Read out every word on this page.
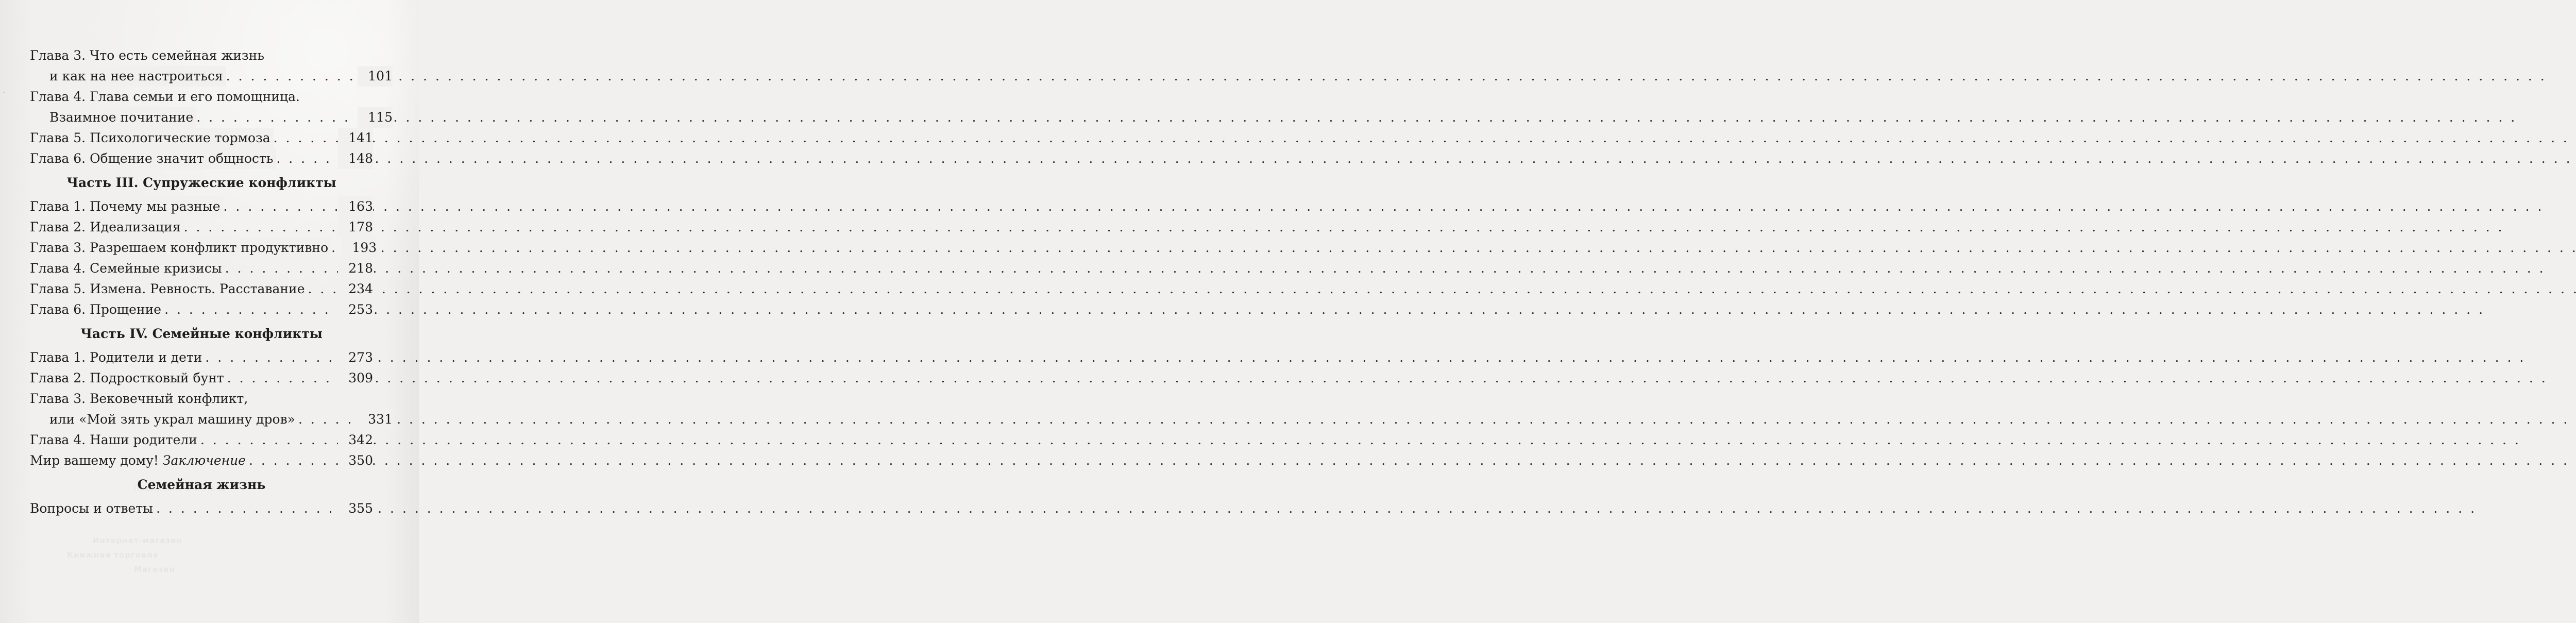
Глава 3. Что есть семейная жизнь
и как на нее настроиться . . .	101
Глава 4. Глава семьи и его помощница.
Взаимное почитание . . .	115
Глава 5. Психологические тормоза . . .	141
Глава 6. Общение значит общность . . .	148
Часть III. Супружеские конфликты
Глава 1. Почему мы разные . . .	163
Глава 2. Идеализация . . .	178
Глава 3. Разрешаем конфликт продуктивно . . .	193
Глава 4. Семейные кризисы . . .	218
Глава 5. Измена. Ревность. Расставание . . .	234
Глава 6. Прощение . . .	253
Часть IV. Семейные конфликты
Глава 1. Родители и дети . . .	273
Глава 2. Подростковый бунт . . .	309
Глава 3. Вековечный конфликт,
или «Мой зять украл машину дров» . . .	331
Глава 4. Наши родители . . .	342
Мир вашему дому! Заключение . . .	350
Семейная жизнь
Вопросы и ответы . . .	355
